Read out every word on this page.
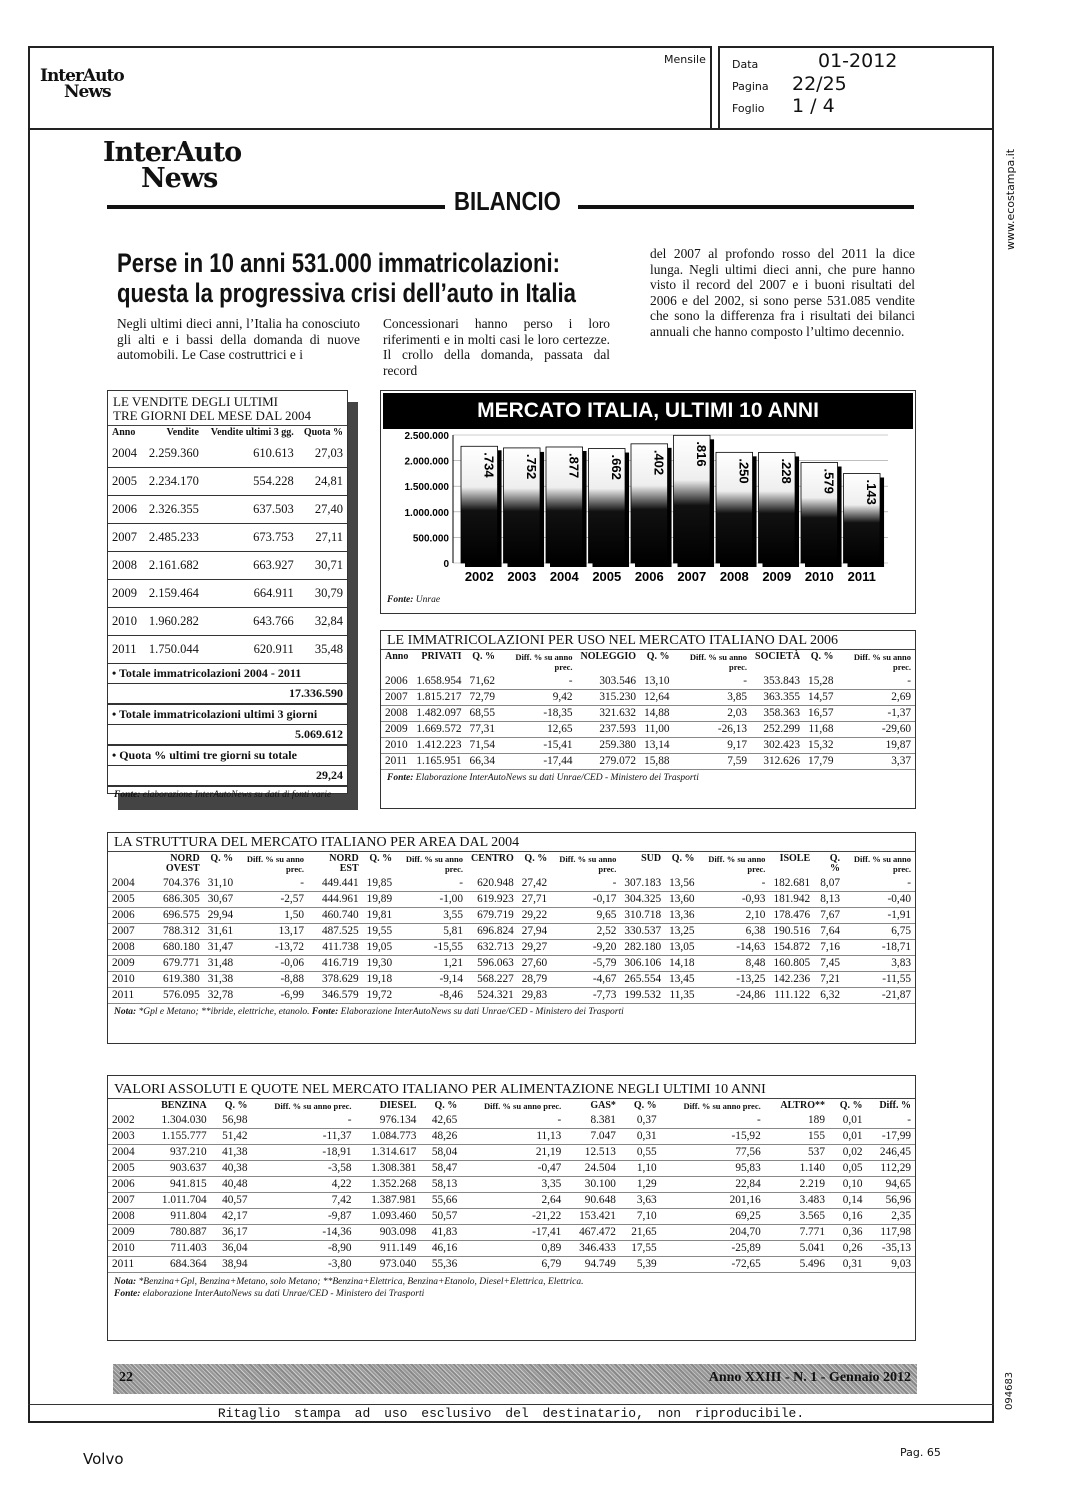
InterAuto
News
Mensile Data	01-2012
Pagina 22/25
Foglio 1 / 4
www.ecostampa.it
094683
InterAuto
News
BILANCIO
Perse in 10 anni 531.000 immatricolazioni:
questa la progressiva crisi dell’auto in Italia
Negli ultimi dieci anni, l’Italia ha conosciuto gli alti e i bassi della domanda di nuove automobili. Le Case costruttrici e i
Concessionari hanno perso i loro riferimenti e in molti casi le loro certezze. Il crollo della domanda, passata dal record
del 2007 al profondo rosso del 2011 la dice lunga. Negli ultimi dieci anni, che pure hanno visto il record del 2007 e i buoni risultati del 2006 e del 2002, si sono perse 531.085 vendite che sono la differenza fra i risultati dei bilanci annuali che hanno composto l’ultimo decennio.
LE VENDITE DEGLI ULTIMI
TRE GIORNI DEL MESE DAL 2004
Anno	Vendite	Vendite ultimi 3 gg.	Quota %
2004	2.259.360	610.613	27,03
2005	2.234.170	554.228	24,81
2006	2.326.355	637.503	27,40
2007	2.485.233	673.753	27,11
2008	2.161.682	663.927	30,71
2009	2.159.464	664.911	30,79
2010	1.960.282	643.766	32,84
2011	1.750.044	620.911	35,48
• Totale immatricolazioni 2004 - 2011
17.336.590
• Totale immatricolazioni ultimi 3 giorni
5.069.612
• Quota % ultimi tre giorni su totale
29,24
Fonte: elaborazione InterAutoNews su dati di fonti varie
MERCATO ITALIA, ULTIMI 10 ANNI
0
500.000
1.000.000
1.500.000
2.000.000
2.500.000
.734
2002
.752
2003
.877
2004
.662
2005
.402
2006
.816
2007
.250
2008
.228
2009
.579
2010
.143
2011
Fonte: Unrae
LE IMMATRICOLAZIONI PER USO NEL MERCATO ITALIANO DAL 2006
Anno	PRIVATI	Q. %	Diff. % su anno prec.	NOLEGGIO	Q. %	Diff. % su anno prec.	SOCIETÀ	Q. %	Diff. % su anno prec.
2006	1.658.954	71,62	-	303.546	13,10	-	353.843	15,28	-
2007	1.815.217	72,79	9,42	315.230	12,64	3,85	363.355	14,57	2,69
2008	1.482.097	68,55	-18,35	321.632	14,88	2,03	358.363	16,57	-1,37
2009	1.669.572	77,31	12,65	237.593	11,00	-26,13	252.299	11,68	-29,60
2010	1.412.223	71,54	-15,41	259.380	13,14	9,17	302.423	15,32	19,87
2011	1.165.951	66,34	-17,44	279.072	15,88	7,59	312.626	17,79	3,37
Fonte: Elaborazione InterAutoNews su dati Unrae/CED - Ministero dei Trasporti
LA STRUTTURA DEL MERCATO ITALIANO PER AREA DAL 2004
	NORD OVEST	Q. %	Diff. % su anno prec.	NORD EST	Q. %	Diff. % su anno prec.	CENTRO	Q. %	Diff. % su anno prec.	SUD	Q. %	Diff. % su anno prec.	ISOLE	Q. %	Diff. % su anno prec.
2004	704.376	31,10	-	449.441	19,85	-	620.948	27,42	-	307.183	13,56	-	182.681	8,07	-
2005	686.305	30,67	-2,57	444.961	19,89	-1,00	619.923	27,71	-0,17	304.325	13,60	-0,93	181.942	8,13	-0,40
2006	696.575	29,94	1,50	460.740	19,81	3,55	679.719	29,22	9,65	310.718	13,36	2,10	178.476	7,67	-1,91
2007	788.312	31,61	13,17	487.525	19,55	5,81	696.824	27,94	2,52	330.537	13,25	6,38	190.516	7,64	6,75
2008	680.180	31,47	-13,72	411.738	19,05	-15,55	632.713	29,27	-9,20	282.180	13,05	-14,63	154.872	7,16	-18,71
2009	679.771	31,48	-0,06	416.719	19,30	1,21	596.063	27,60	-5,79	306.106	14,18	8,48	160.805	7,45	3,83
2010	619.380	31,38	-8,88	378.629	19,18	-9,14	568.227	28,79	-4,67	265.554	13,45	-13,25	142.236	7,21	-11,55
2011	576.095	32,78	-6,99	346.579	19,72	-8,46	524.321	29,83	-7,73	199.532	11,35	-24,86	111.122	6,32	-21,87
Nota: *Gpl e Metano; **ibride, elettriche, etanolo. Fonte: Elaborazione InterAutoNews su dati Unrae/CED - Ministero dei Trasporti
VALORI ASSOLUTI E QUOTE NEL MERCATO ITALIANO PER ALIMENTAZIONE NEGLI ULTIMI 10 ANNI
	BENZINA	Q. %	Diff. % su anno prec.	DIESEL	Q. %	Diff. % su anno prec.	GAS*	Q. %	Diff. % su anno prec.	ALTRO**	Q. %	Diff. %
2002	1.304.030	56,98	-	976.134	42,65	-	8.381	0,37	-	189	0,01	-
2003	1.155.777	51,42	-11,37	1.084.773	48,26	11,13	7.047	0,31	-15,92	155	0,01	-17,99
2004	937.210	41,38	-18,91	1.314.617	58,04	21,19	12.513	0,55	77,56	537	0,02	246,45
2005	903.637	40,38	-3,58	1.308.381	58,47	-0,47	24.504	1,10	95,83	1.140	0,05	112,29
2006	941.815	40,48	4,22	1.352.268	58,13	3,35	30.100	1,29	22,84	2.219	0,10	94,65
2007	1.011.704	40,57	7,42	1.387.981	55,66	2,64	90.648	3,63	201,16	3.483	0,14	56,96
2008	911.804	42,17	-9,87	1.093.460	50,57	-21,22	153.421	7,10	69,25	3.565	0,16	2,35
2009	780.887	36,17	-14,36	903.098	41,83	-17,41	467.472	21,65	204,70	7.771	0,36	117,98
2010	711.403	36,04	-8,90	911.149	46,16	0,89	346.433	17,55	-25,89	5.041	0,26	-35,13
2011	684.364	38,94	-3,80	973.040	55,36	6,79	94.749	5,39	-72,65	5.496	0,31	9,03
Nota: *Benzina+Gpl, Benzina+Metano, solo Metano; **Benzina+Elettrica, Benzina+Etanolo, Diesel+Elettrica, Elettrica.
Fonte: elaborazione InterAutoNews su dati Unrae/CED - Ministero dei Trasporti
22	Anno XXIII - N. 1 - Gennaio 2012
Ritaglio stampa ad uso esclusivo del destinatario, non riproducibile.
Volvo	Pag. 65
